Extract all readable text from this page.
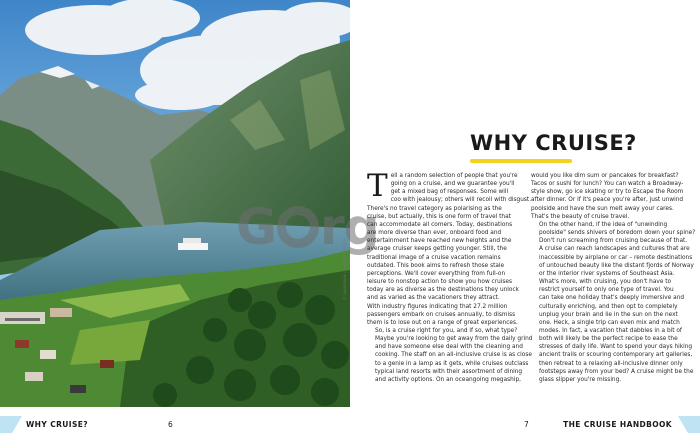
© JAVARMAN / SHUTTERSTOCK
G rg
WHY CRUISE?

T ell a random selection of people that you're
going on a cruise, and we guarantee you'll
get a mixed bag of responses. Some will
coo with jealousy; others will recoil with disgust.
There's no travel category as polarising as the
cruise, but actually, this is one form of travel that
can accommodate all comers. Today, destinations
are more diverse than ever, onboard food and
entertainment have reached new heights and the
average cruiser keeps getting younger. Still, the
traditional image of a cruise vacation remains
outdated. This book aims to refresh those stale
perceptions. We'll cover everything from full-on
leisure to nonstop action to show you how cruises
today are as diverse as the destinations they unlock
and as varied as the vacationers they attract.
With industry figures indicating that 27.2 million
passengers embark on cruises annually, to dismiss
them is to lose out on a range of great experiences.

So, is a cruise right for you, and if so, what type?
Maybe you're looking to get away from the daily grind
and have someone else deal with the cleaning and
cooking. The staff on an all-inclusive cruise is as close
to a genie in a lamp as it gets, while cruises outclass
typical land resorts with their assortment of dining
and activity options. On an oceangoing megaship,

would you like dim sum or pancakes for breakfast?
Tacos or sushi for lunch? You can watch a Broadway-
style show, go ice skating or try to Escape the Room
after dinner. Or if it's peace you're after, just unwind
poolside and have the sun melt away your cares.
That's the beauty of cruise travel.

On the other hand, if the idea of "unwinding
poolside" sends shivers of boredom down your spine?
Don't run screaming from cruising because of that.
A cruise can reach landscapes and cultures that are
inaccessible by airplane or car – remote destinations
of untouched beauty like the distant fjords of Norway
or the interior river systems of Southeast Asia.

What's more, with cruising, you don't have to
restrict yourself to only one type of travel. You
can take one holiday that's deeply immersive and
culturally enriching, and then opt to completely
unplug your brain and lie in the sun on the next
one. Heck, a single trip can even mix and match
modes. In fact, a vacation that dabbles in a bit of
both will likely be the perfect recipe to ease the
stresses of daily life. Want to spend your days hiking
ancient trails or scouring contemporary art galleries,
then retreat to a relaxing all-inclusive dinner only
footsteps away from your bed? A cruise might be the
glass slipper you're missing.

WHY CRUISE?	6	7	THE CRUISE HANDBOOK
